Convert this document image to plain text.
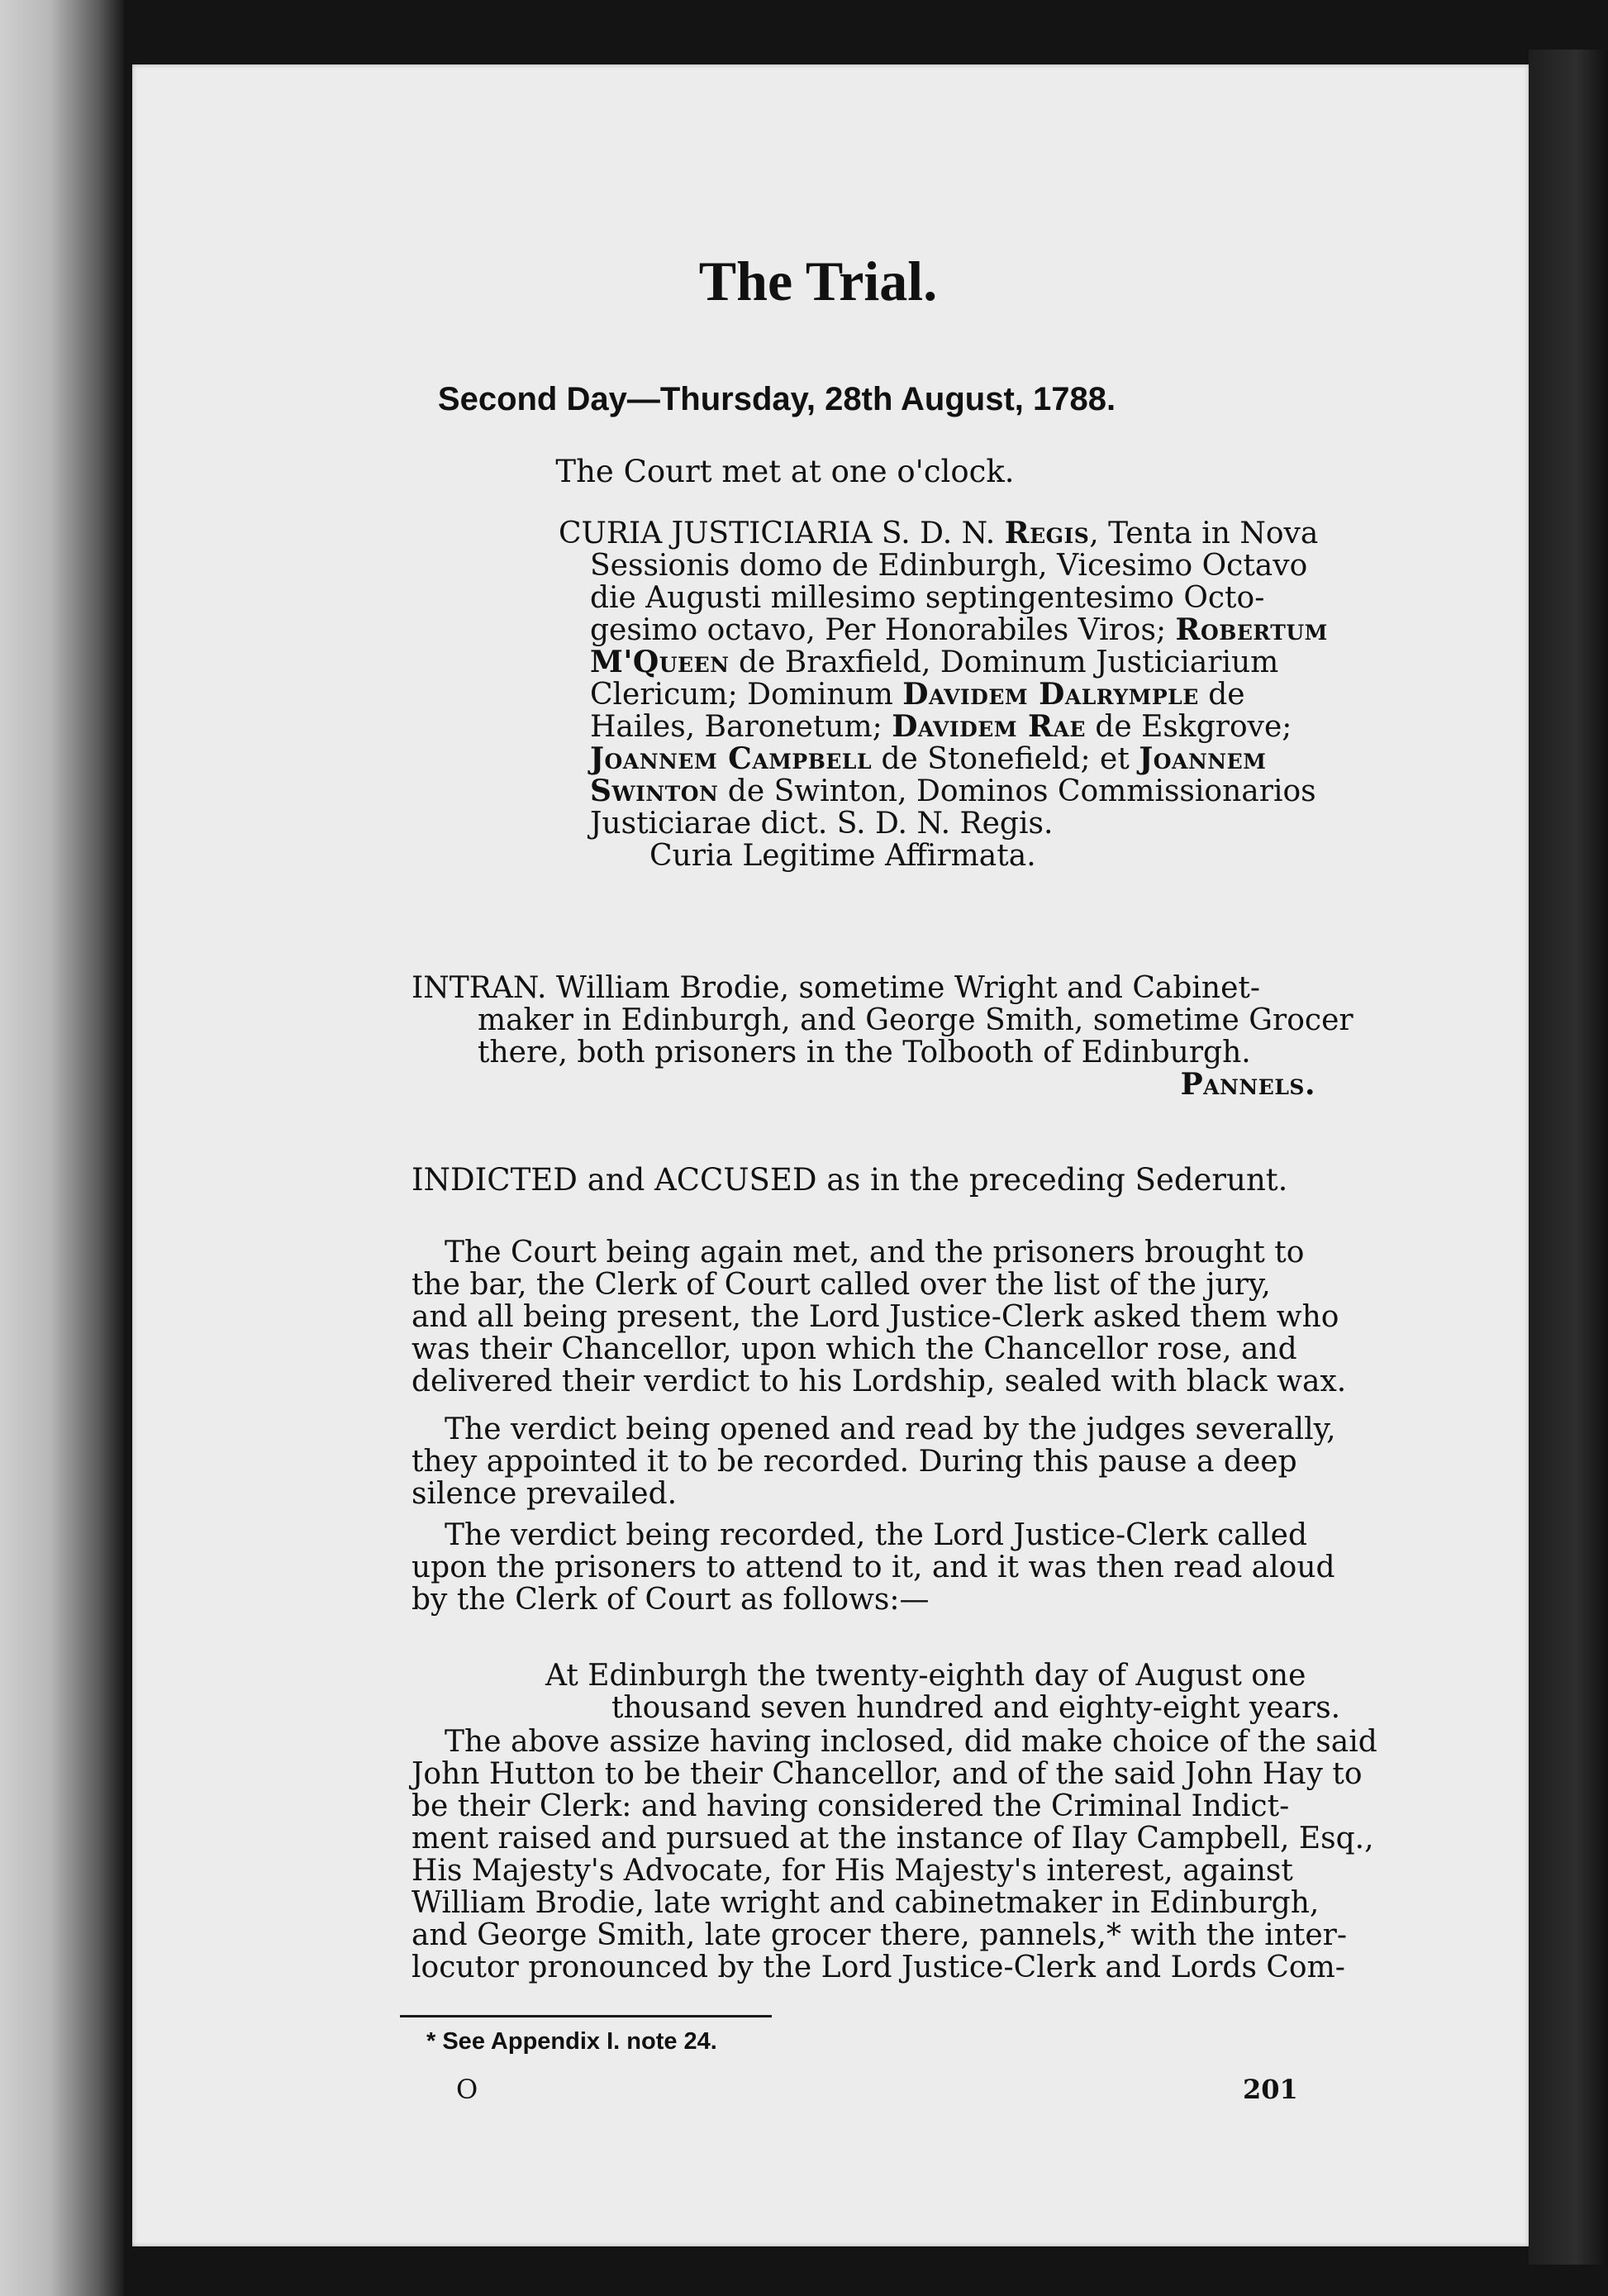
The Trial.
Second Day—Thursday, 28th August, 1788.

The Court met at one o'clock.

CURIA JUSTICIARIA S. D. N. Regis, Tenta in Nova
Sessionis domo de Edinburgh, Vicesimo Octavo
die Augusti millesimo septingentesimo Octo-
gesimo octavo, Per Honorabiles Viros; Robertum
M'Queen de Braxfield, Dominum Justiciarium
Clericum; Dominum Davidem Dalrymple de
Hailes, Baronetum; Davidem Rae de Eskgrove;
Joannem Campbell de Stonefield; et Joannem
Swinton de Swinton, Dominos Commissionarios
Justiciarae dict. S. D. N. Regis.
Curia Legitime Affirmata.
INTRAN. William Brodie, sometime Wright and Cabinet-
maker in Edinburgh, and George Smith, sometime Grocer
there, both prisoners in the Tolbooth of Edinburgh.
Pannels.

INDICTED and ACCUSED as in the preceding Sederunt.

The Court being again met, and the prisoners brought to
the bar, the Clerk of Court called over the list of the jury,
and all being present, the Lord Justice-Clerk asked them who
was their Chancellor, upon which the Chancellor rose, and
delivered their verdict to his Lordship, sealed with black wax.
The verdict being opened and read by the judges severally,
they appointed it to be recorded. During this pause a deep
silence prevailed.
The verdict being recorded, the Lord Justice-Clerk called
upon the prisoners to attend to it, and it was then read aloud
by the Clerk of Court as follows:—
At Edinburgh the twenty-eighth day of August one
thousand seven hundred and eighty-eight years.
The above assize having inclosed, did make choice of the said
John Hutton to be their Chancellor, and of the said John Hay to
be their Clerk: and having considered the Criminal Indict-
ment raised and pursued at the instance of Ilay Campbell, Esq.,
His Majesty's Advocate, for His Majesty's interest, against
William Brodie, late wright and cabinetmaker in Edinburgh,
and George Smith, late grocer there, pannels,* with the inter-
locutor pronounced by the Lord Justice-Clerk and Lords Com-
* See Appendix I. note 24.
O	201
